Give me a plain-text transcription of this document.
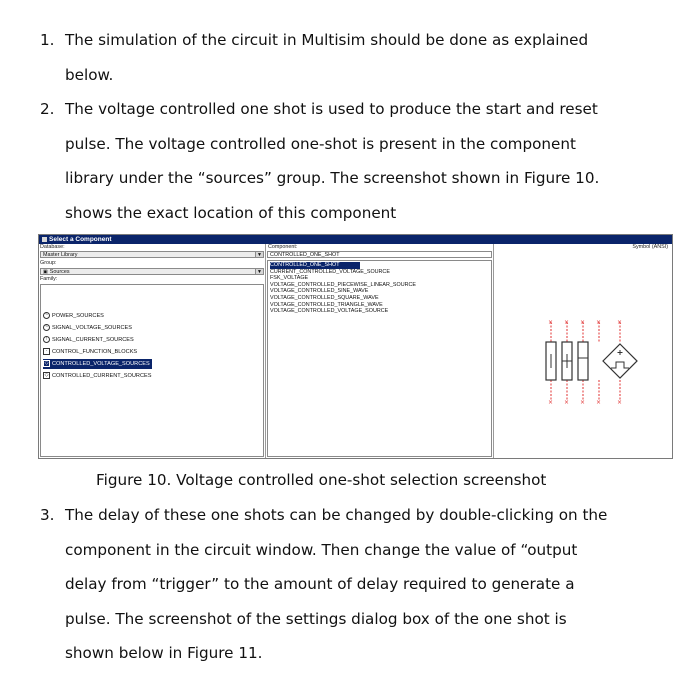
1. The simulation of the circuit in Multisim should be done as explained
below.
2. The voltage controlled one shot is used to produce the start and reset
pulse. The voltage controlled one-shot is present in the component
library under the “sources” group. The screenshot shown in Figure 10.
shows the exact location of this component
Select a Component
Database:
Master Library	▼
Group:
▣ Sources	▼
Family:
~ POWER_SOURCES
~ SIGNAL_VOLTAGE_SOURCES
↑ SIGNAL_CURRENT_SOURCES
· CONTROL_FUNCTION_BLOCKS
◇ CONTROLLED_VOLTAGE_SOURCES
◇ CONTROLLED_CURRENT_SOURCES
Component:
CONTROLLED_ONE_SHOT
CONTROLLED_ONE_SHOT
CURRENT_CONTROLLED_VOLTAGE_SOURCE
FSK_VOLTAGE
VOLTAGE_CONTROLLED_PIECEWISE_LINEAR_SOURCE
VOLTAGE_CONTROLLED_SINE_WAVE
VOLTAGE_CONTROLLED_SQUARE_WAVE
VOLTAGE_CONTROLLED_TRIANGLE_WAVE
VOLTAGE_CONTROLLED_VOLTAGE_SOURCE
Symbol (ANSI)
× × × ×	×
× × × ×	×
Figure 10. Voltage controlled one-shot selection screenshot
3. The delay of these one shots can be changed by double-clicking on the
component in the circuit window. Then change the value of “output
delay from “trigger” to the amount of delay required to generate a
pulse. The screenshot of the settings dialog box of the one shot is
shown below in Figure 11.
